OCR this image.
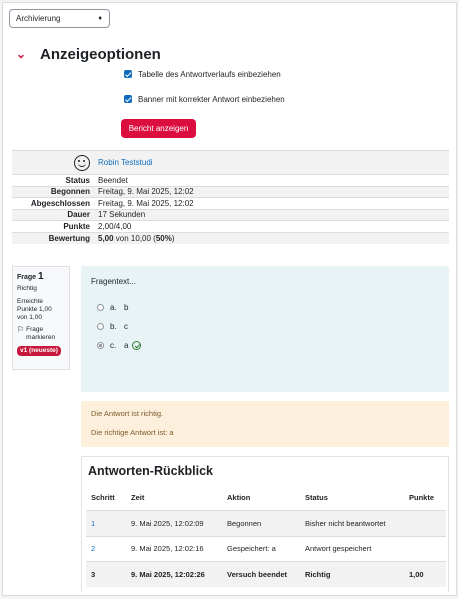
Archivierung	♦
⌄ Anzeigeoptionen
Tabelle des Antwortverlaufs einbeziehen
Banner mit korrekter Antwort einbeziehen
Bericht anzeigen
	Robin Teststudi
Status	Beendet
Begonnen	Freitag, 9. Mai 2025, 12:02
Abgeschlossen	Freitag, 9. Mai 2025, 12:02
Dauer	17 Sekunden
Punkte	2,00/4,00
Bewertung	5,00 von 10,00 (50%)
Frage 1
Richtig
Erreichte
Punkte 1,00
von 1,00
⚐ Frage
markieren
v1 (neueste)
Fragentext...
a. b
b. c
c. a
Die Antwort ist richtig.
Die richtige Antwort ist: a
Antworten-Rückblick
Schritt	Zeit	Aktion	Status	Punkte
1	9. Mai 2025, 12:02:09	Begonnen	Bisher nicht beantwortet	
2	9. Mai 2025, 12:02:16	Gespeichert: a	Antwort gespeichert	
3	9. Mai 2025, 12:02:26	Versuch beendet	Richtig	1,00
